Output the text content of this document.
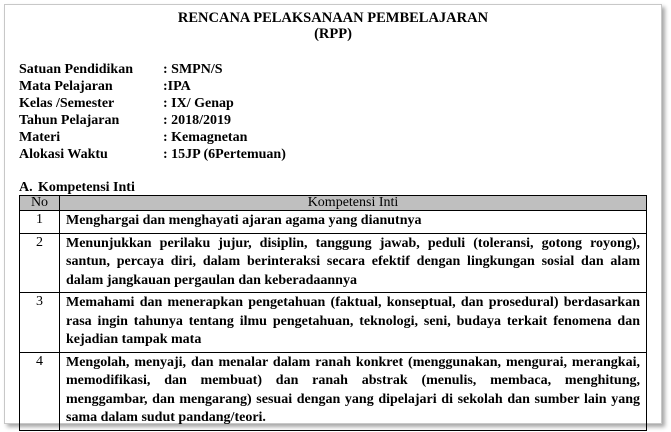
RENCANA PELAKSANAAN PEMBELAJARAN
(RPP)
Satuan Pendidikan : SMPN/S
Mata Pelajaran	:IPA
Kelas /Semester	: IX/ Genap
Tahun Pelajaran	: 2018/2019
Materi	: Kemagnetan
Alokasi Waktu	: 15JP (6Pertemuan)
A. Kompetensi Inti
No	Kompetensi Inti
1	Menghargai dan menghayati ajaran agama yang dianutnya
2	Menunjukkan perilaku jujur, disiplin, tanggung jawab, peduli (toleransi, gotong royong), santun, percaya diri, dalam berinteraksi secara efektif dengan lingkungan sosial dan alam dalam jangkauan pergaulan dan keberadaannya
3	Memahami dan menerapkan pengetahuan (faktual, konseptual, dan prosedural) berdasarkan rasa ingin tahunya tentang ilmu pengetahuan, teknologi, seni, budaya terkait fenomena dan kejadian tampak mata
4	Mengolah, menyaji, dan menalar dalam ranah konkret (menggunakan, mengurai, merangkai, memodifikasi, dan membuat) dan ranah abstrak (menulis, membaca, menghitung, menggambar, dan mengarang) sesuai dengan yang dipelajari di sekolah dan sumber lain yang sama dalam sudut pandang/teori.
